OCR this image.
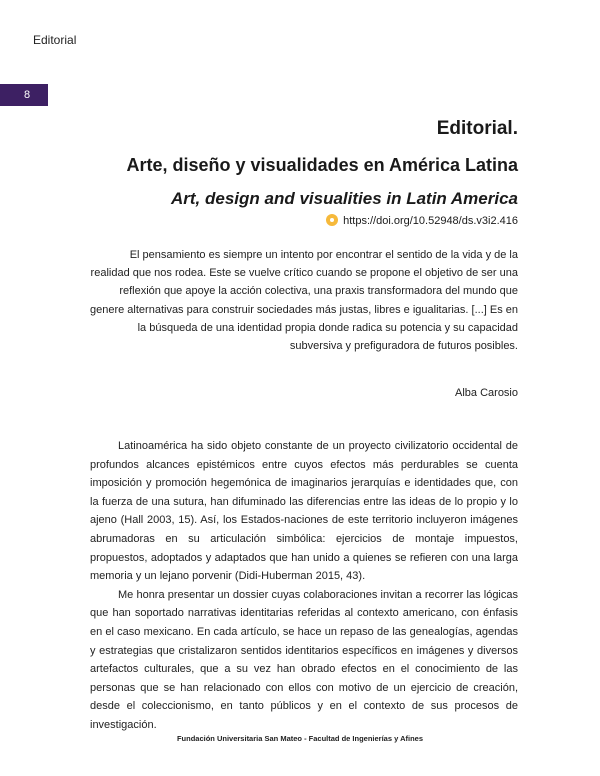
Editorial
8
Editorial.
Arte, diseño y visualidades en América Latina
Art, design and visualities in Latin America
https://doi.org/10.52948/ds.v3i2.416

El pensamiento es siempre un intento por encontrar el sentido de la vida y de la realidad que nos rodea. Este se vuelve crítico cuando se propone el objetivo de ser una reflexión que apoye la acción colectiva, una praxis transformadora del mundo que genere alternativas para construir sociedades más justas, libres e igualitarias. [...] Es en la búsqueda de una identidad propia donde radica su potencia y su capacidad subversiva y prefiguradora de futuros posibles.

Alba Carosio

Latinoamérica ha sido objeto constante de un proyecto civilizatorio occidental de profundos alcances epistémicos entre cuyos efectos más perdurables se cuenta imposición y promoción hegemónica de imaginarios jerarquías e identidades que, con la fuerza de una sutura, han difuminado las diferencias entre las ideas de lo propio y lo ajeno (Hall 2003, 15). Así, los Estados-naciones de este territorio incluyeron imágenes abrumadoras en su articulación simbólica: ejercicios de montaje impuestos, propuestos, adoptados y adaptados que han unido a quienes se refieren con una larga memoria y un lejano porvenir (Didi-Huberman 2015, 43).

Me honra presentar un dossier cuyas colaboraciones invitan a recorrer las lógicas que han soportado narrativas identitarias referidas al contexto americano, con énfasis en el caso mexicano. En cada artículo, se hace un repaso de las genealogías, agendas y estrategias que cristalizaron sentidos identitarios específicos en imágenes y diversos artefactos culturales, que a su vez han obrado efectos en el conocimiento de las personas que se han relacionado con ellos con motivo de un ejercicio de creación, desde el coleccionismo, en tanto públicos y en el contexto de sus procesos de investigación.

Fundación Universitaria San Mateo - Facultad de Ingenierías y Afines
